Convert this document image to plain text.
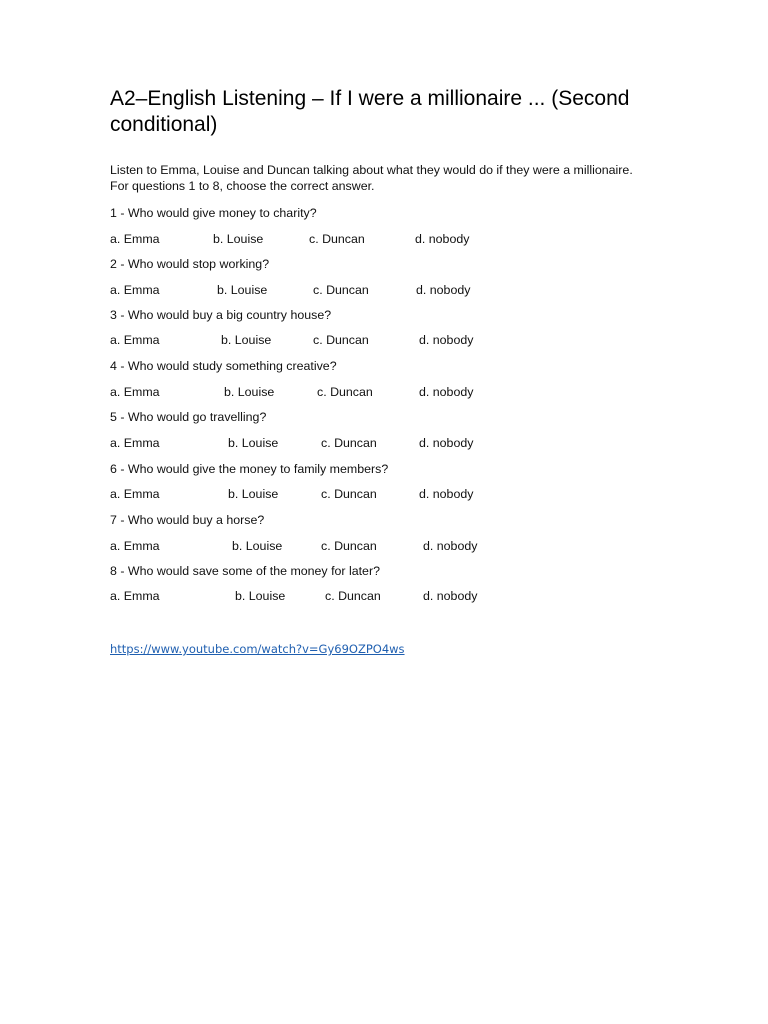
A2–English Listening – If I were a millionaire ... (Second conditional)

Listen to Emma, Louise and Duncan talking about what they would do if they were a millionaire. For questions 1 to 8, choose the correct answer.

1 - Who would give money to charity?
a. Emma	b. Louise	c. Duncan	d. nobody
2 - Who would stop working?
a. Emma	b. Louise	c. Duncan	d. nobody
3 - Who would buy a big country house?
a. Emma	b. Louise	c. Duncan	d. nobody
4 - Who would study something creative?
a. Emma	b. Louise	c. Duncan	d. nobody
5 - Who would go travelling?
a. Emma	b. Louise	c. Duncan	d. nobody
6 - Who would give the money to family members?
a. Emma	b. Louise	c. Duncan	d. nobody
7 - Who would buy a horse?
a. Emma	b. Louise	c. Duncan	d. nobody
8 - Who would save some of the money for later?
a. Emma	b. Louise	c. Duncan	d. nobody
https://www.youtube.com/watch?v=Gy69OZPO4ws
